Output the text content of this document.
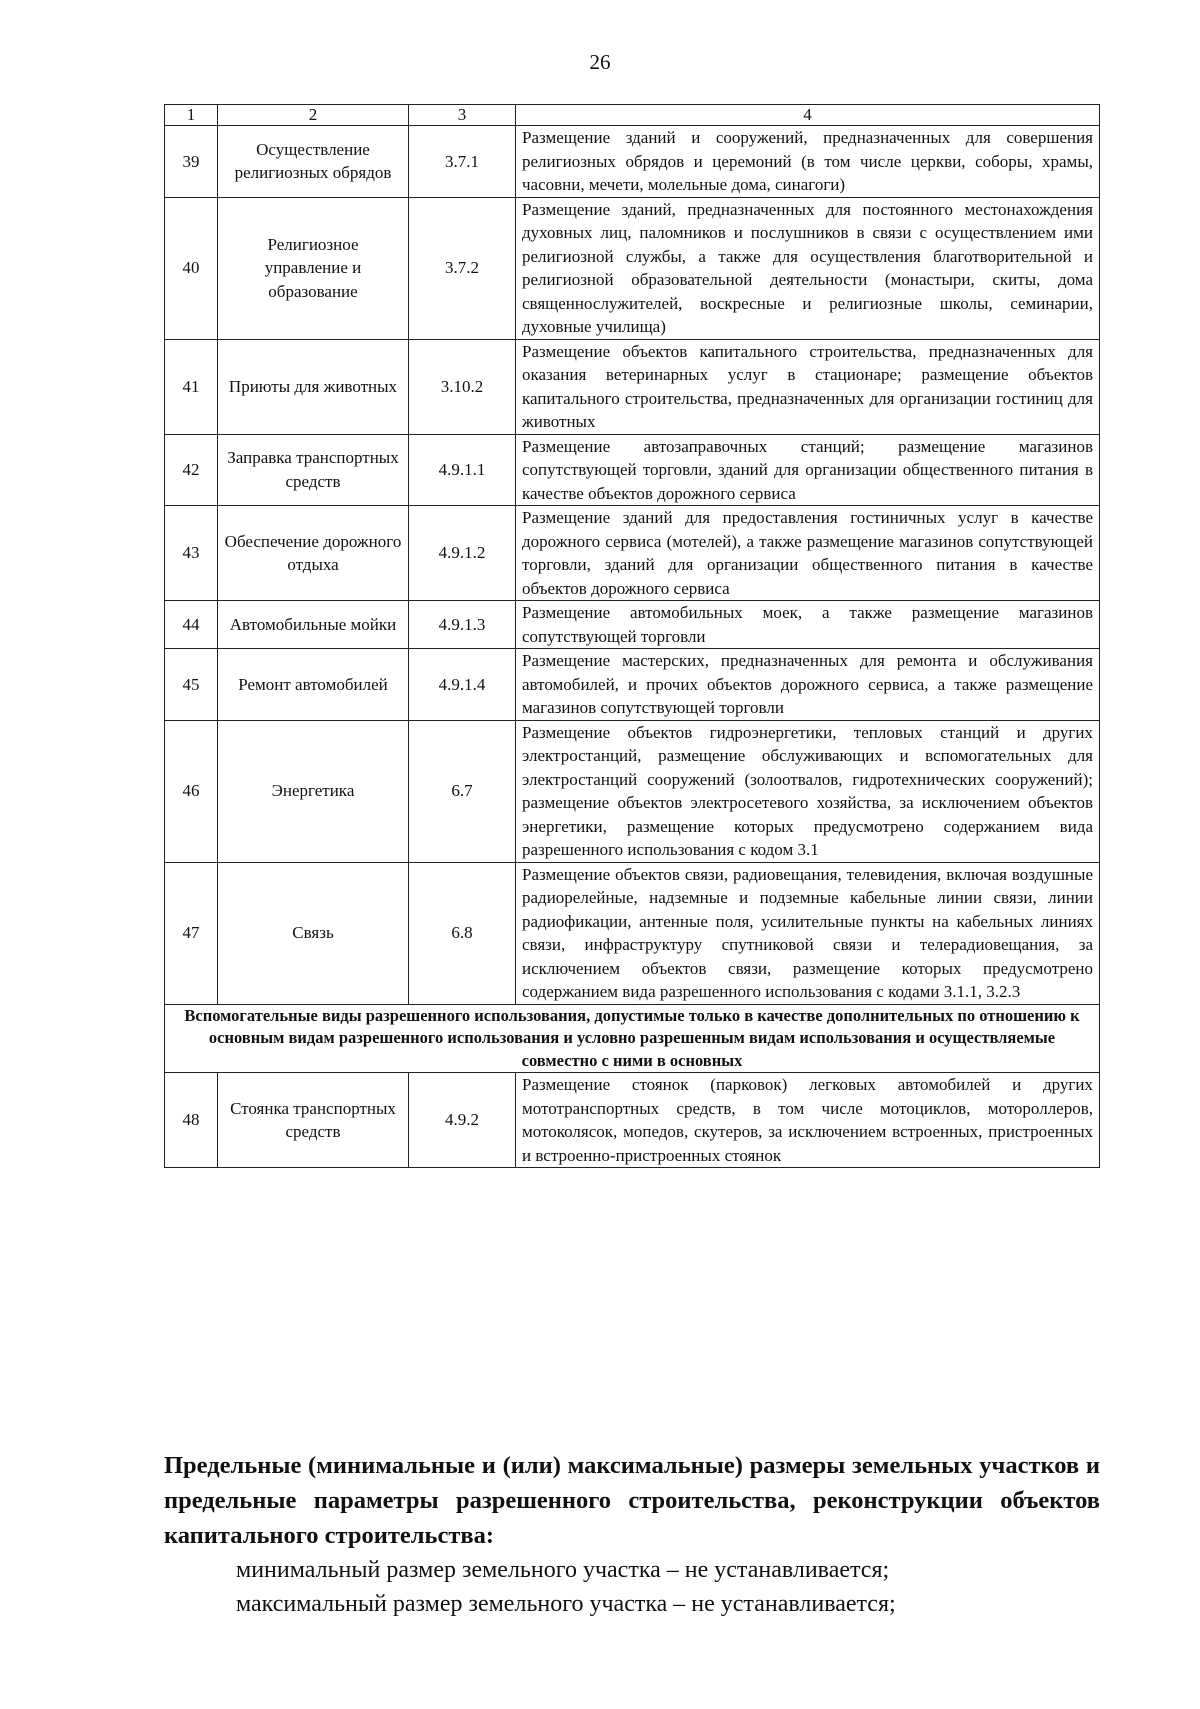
26
1	2	3	4
39	Осуществление религиозных обрядов	3.7.1	Размещение зданий и сооружений, предназначенных для совершения религиозных обрядов и церемоний (в том числе церкви, соборы, храмы, часовни, мечети, молельные дома, синагоги)
40	Религиозное управление и образование	3.7.2	Размещение зданий, предназначенных для постоянного местонахождения духовных лиц, паломников и послушников в связи с осуществлением ими религиозной службы, а также для осуществления благотворительной и религиозной образовательной деятельности (монастыри, скиты, дома священнослужителей, воскресные и религиозные школы, семинарии, духовные училища)
41	Приюты для животных	3.10.2	Размещение объектов капитального строительства, предназначенных для оказания ветеринарных услуг в стационаре; размещение объектов капитального строительства, предназначенных для организации гостиниц для животных
42	Заправка транспортных средств	4.9.1.1	Размещение автозаправочных станций; размещение магазинов сопутствующей торговли, зданий для организации общественного питания в качестве объектов дорожного сервиса
43	Обеспечение дорожного отдыха	4.9.1.2	Размещение зданий для предоставления гостиничных услуг в качестве дорожного сервиса (мотелей), а также размещение магазинов сопутствующей торговли, зданий для организации общественного питания в качестве объектов дорожного сервиса
44	Автомобильные мойки	4.9.1.3	Размещение автомобильных моек, а также размещение магазинов сопутствующей торговли
45	Ремонт автомобилей	4.9.1.4	Размещение мастерских, предназначенных для ремонта и обслуживания автомобилей, и прочих объектов дорожного сервиса, а также размещение магазинов сопутствующей торговли
46	Энергетика	6.7	Размещение объектов гидроэнергетики, тепловых станций и других электростанций, размещение обслуживающих и вспомогательных для электростанций сооружений (золоотвалов, гидротехнических сооружений); размещение объектов электросетевого хозяйства, за исключением объектов энергетики, размещение которых предусмотрено содержанием вида разрешенного использования с кодом 3.1
47	Связь	6.8	Размещение объектов связи, радиовещания, телевидения, включая воздушные радиорелейные, надземные и подземные кабельные линии связи, линии радиофикации, антенные поля, усилительные пункты на кабельных линиях связи, инфраструктуру спутниковой связи и телерадиовещания, за исключением объектов связи, размещение которых предусмотрено содержанием вида разрешенного использования с кодами 3.1.1, 3.2.3
Вспомогательные виды разрешенного использования, допустимые только в качестве дополнительных по отношению к основным видам разрешенного использования и условно разрешенным видам использования и осуществляемые совместно с ними в основных			
48	Стоянка транспортных средств	4.9.2	Размещение стоянок (парковок) легковых автомобилей и других мототранспортных средств, в том числе мотоциклов, мотороллеров, мотоколясок, мопедов, скутеров, за исключением встроенных, пристроенных и встроенно-пристроенных стоянок
Предельные (минимальные и (или) максимальные) размеры земельных участков и предельные параметры разрешенного строительства, реконструкции объектов капитального строительства:

минимальный размер земельного участка – не устанавливается;

максимальный размер земельного участка – не устанавливается;
